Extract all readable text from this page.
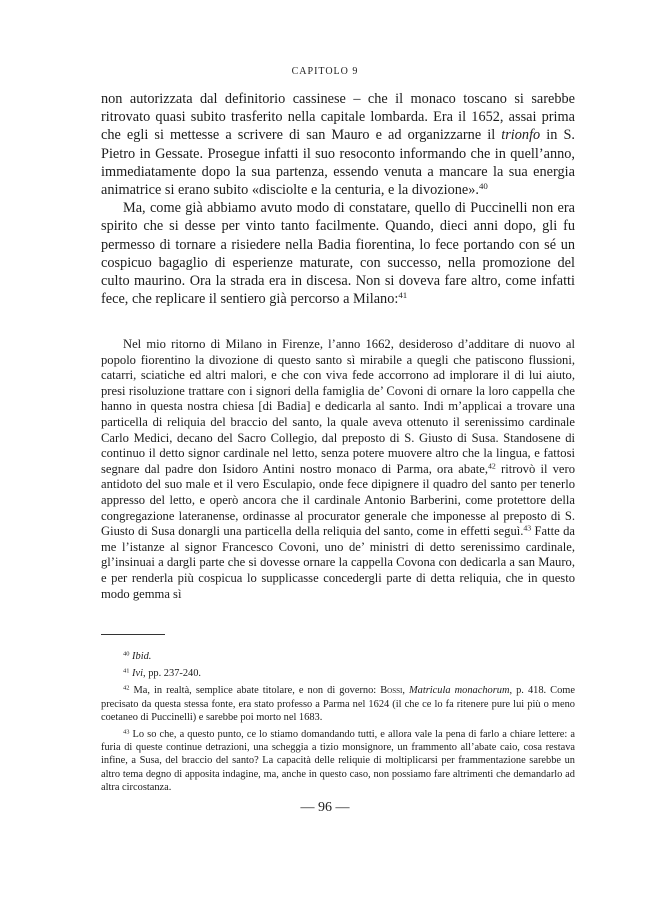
CAPITOLO 9

non autorizzata dal definitorio cassinese – che il monaco toscano si sarebbe ritrovato quasi subito trasferito nella capitale lombarda. Era il 1652, assai prima che egli si mettesse a scrivere di san Mauro e ad organizzarne il trionfo in S. Pietro in Gessate. Prosegue infatti il suo resoconto informando che in quell’anno, immediatamente dopo la sua partenza, essendo venuta a mancare la sua energia animatrice si erano subito «disciolte e la centuria, e la divozione».$^{40}$

Ma, come già abbiamo avuto modo di constatare, quello di Puccinelli non era spirito che si desse per vinto tanto facilmente. Quando, dieci anni dopo, gli fu permesso di tornare a risiedere nella Badia fiorentina, lo fece portando con sé un cospicuo bagaglio di esperienze maturate, con successo, nella promozione del culto maurino. Ora la strada era in discesa. Non si doveva fare altro, come infatti fece, che replicare il sentiero già percorso a Milano:$^{41}$

Nel mio ritorno di Milano in Firenze, l’anno 1662, desideroso d’additare di nuovo al popolo fiorentino la divozione di questo santo sì mirabile a quegli che patiscono flussioni, catarri, sciatiche ed altri malori, e che con viva fede accorrono ad implorare il di lui aiuto, presi risoluzione trattare con i signori della famiglia de’ Covoni di ornare la loro cappella che hanno in questa nostra chiesa [di Badia] e dedicarla al santo. Indi m’applicai a trovare una particella di reliquia del braccio del santo, la quale aveva ottenuto il serenissimo cardinale Carlo Medici, decano del Sacro Collegio, dal preposto di S. Giusto di Susa. Standosene di continuo il detto signor cardinale nel letto, senza potere muovere altro che la lingua, e fattosi segnare dal padre don Isidoro Antini nostro monaco di Parma, ora abate,$^{42}$ ritrovò il vero antidoto del suo male et il vero Esculapio, onde fece dipignere il quadro del santo per tenerlo appresso del letto, e operò ancora che il cardinale Antonio Barberini, come protettore della congregazione lateranense, ordinasse al procurator generale che imponesse al preposto di S. Giusto di Susa donargli una particella della reliquia del santo, come in effetti seguì.$^{43}$ Fatte da me l’istanze al signor Francesco Covoni, uno de’ ministri di detto serenissimo cardinale, gl’insinuai a dargli parte che si dovesse ornare la cappella Covona con dedicarla a san Mauro, e per renderla più cospicua lo supplicasse concedergli parte di detta reliquia, che in questo modo gemma sì

$^{40}$ Ibid.

$^{41}$ Ivi, pp. 237-240.

$^{42}$ Ma, in realtà, semplice abate titolare, e non di governo: Bossi, Matricula monachorum, p. 418. Come precisato da questa stessa fonte, era stato professo a Parma nel 1624 (il che ce lo fa ritenere pure lui più o meno coetaneo di Puccinelli) e sarebbe poi morto nel 1683.

$^{43}$ Lo so che, a questo punto, ce lo stiamo domandando tutti, e allora vale la pena di farlo a chiare lettere: a furia di queste continue detrazioni, una scheggia a tizio monsignore, un frammento all’abate caio, cosa restava infine, a Susa, del braccio del santo? La capacità delle reliquie di moltiplicarsi per frammentazione sarebbe un altro tema degno di apposita indagine, ma, anche in questo caso, non possiamo fare altrimenti che demandarlo ad altra circostanza.

— 96 —
